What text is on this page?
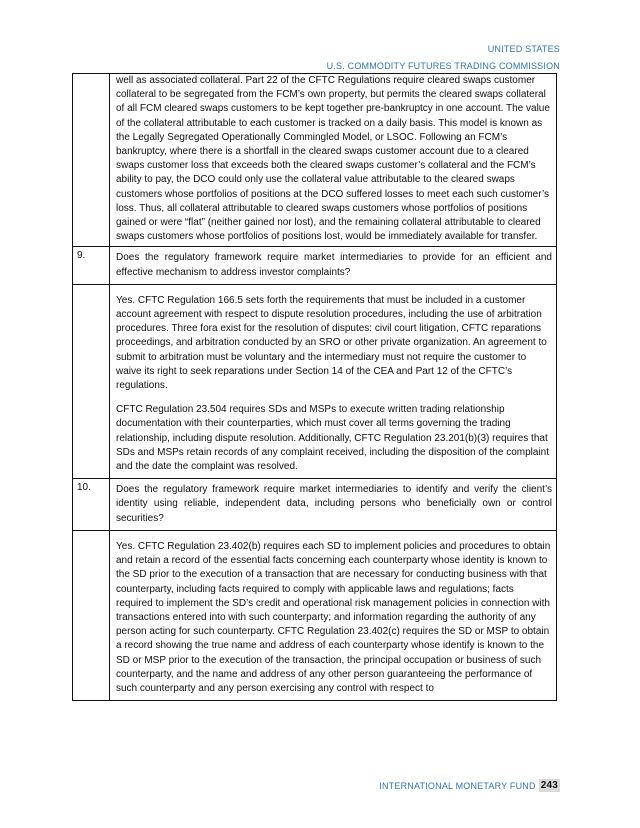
UNITED STATES
U.S. COMMODITY FUTURES TRADING COMMISSION

	well as associated collateral. Part 22 of the CFTC Regulations require cleared swaps customer collateral to be segregated from the FCM’s own property, but permits the cleared swaps collateral of all FCM cleared swaps customers to be kept together pre-bankruptcy in one account. The value of the collateral attributable to each customer is tracked on a daily basis. This model is known as the Legally Segregated Operationally Commingled Model, or LSOC. Following an FCM’s bankruptcy, where there is a shortfall in the cleared swaps customer account due to a cleared swaps customer loss that exceeds both the cleared swaps customer’s collateral and the FCM’s ability to pay, the DCO could only use the collateral value attributable to the cleared swaps customers whose portfolios of positions at the DCO suffered losses to meet each such customer’s loss. Thus, all collateral attributable to cleared swaps customers whose portfolios of positions gained or were “flat” (neither gained nor lost), and the remaining collateral attributable to cleared swaps customers whose portfolios of positions lost, would be immediately available for transfer.

9.	Does the regulatory framework require market intermediaries to provide for an efficient and effective mechanism to address investor complaints?

	Yes. CFTC Regulation 166.5 sets forth the requirements that must be included in a customer account agreement with respect to dispute resolution procedures, including the use of arbitration procedures. Three fora exist for the resolution of disputes: civil court litigation, CFTC reparations proceedings, and arbitration conducted by an SRO or other private organization. An agreement to submit to arbitration must be voluntary and the intermediary must not require the customer to waive its right to seek reparations under Section 14 of the CEA and Part 12 of the CFTC’s regulations.

CFTC Regulation 23.504 requires SDs and MSPs to execute written trading relationship documentation with their counterparties, which must cover all terms governing the trading relationship, including dispute resolution. Additionally, CFTC Regulation 23.201(b)(3) requires that SDs and MSPs retain records of any complaint received, including the disposition of the complaint and the date the complaint was resolved.

10.	Does the regulatory framework require market intermediaries to identify and verify the client’s identity using reliable, independent data, including persons who beneficially own or control securities?

	Yes. CFTC Regulation 23.402(b) requires each SD to implement policies and procedures to obtain and retain a record of the essential facts concerning each counterparty whose identity is known to the SD prior to the execution of a transaction that are necessary for conducting business with that counterparty, including facts required to comply with applicable laws and regulations; facts required to implement the SD’s credit and operational risk management policies in connection with transactions entered into with such counterparty; and information regarding the authority of any person acting for such counterparty. CFTC Regulation 23.402(c) requires the SD or MSP to obtain a record showing the true name and address of each counterparty whose identify is known to the SD or MSP prior to the execution of the transaction, the principal occupation or business of such counterparty, and the name and address of any other person guaranteeing the performance of such counterparty and any person exercising any control with respect to

INTERNATIONAL MONETARY FUND 243
